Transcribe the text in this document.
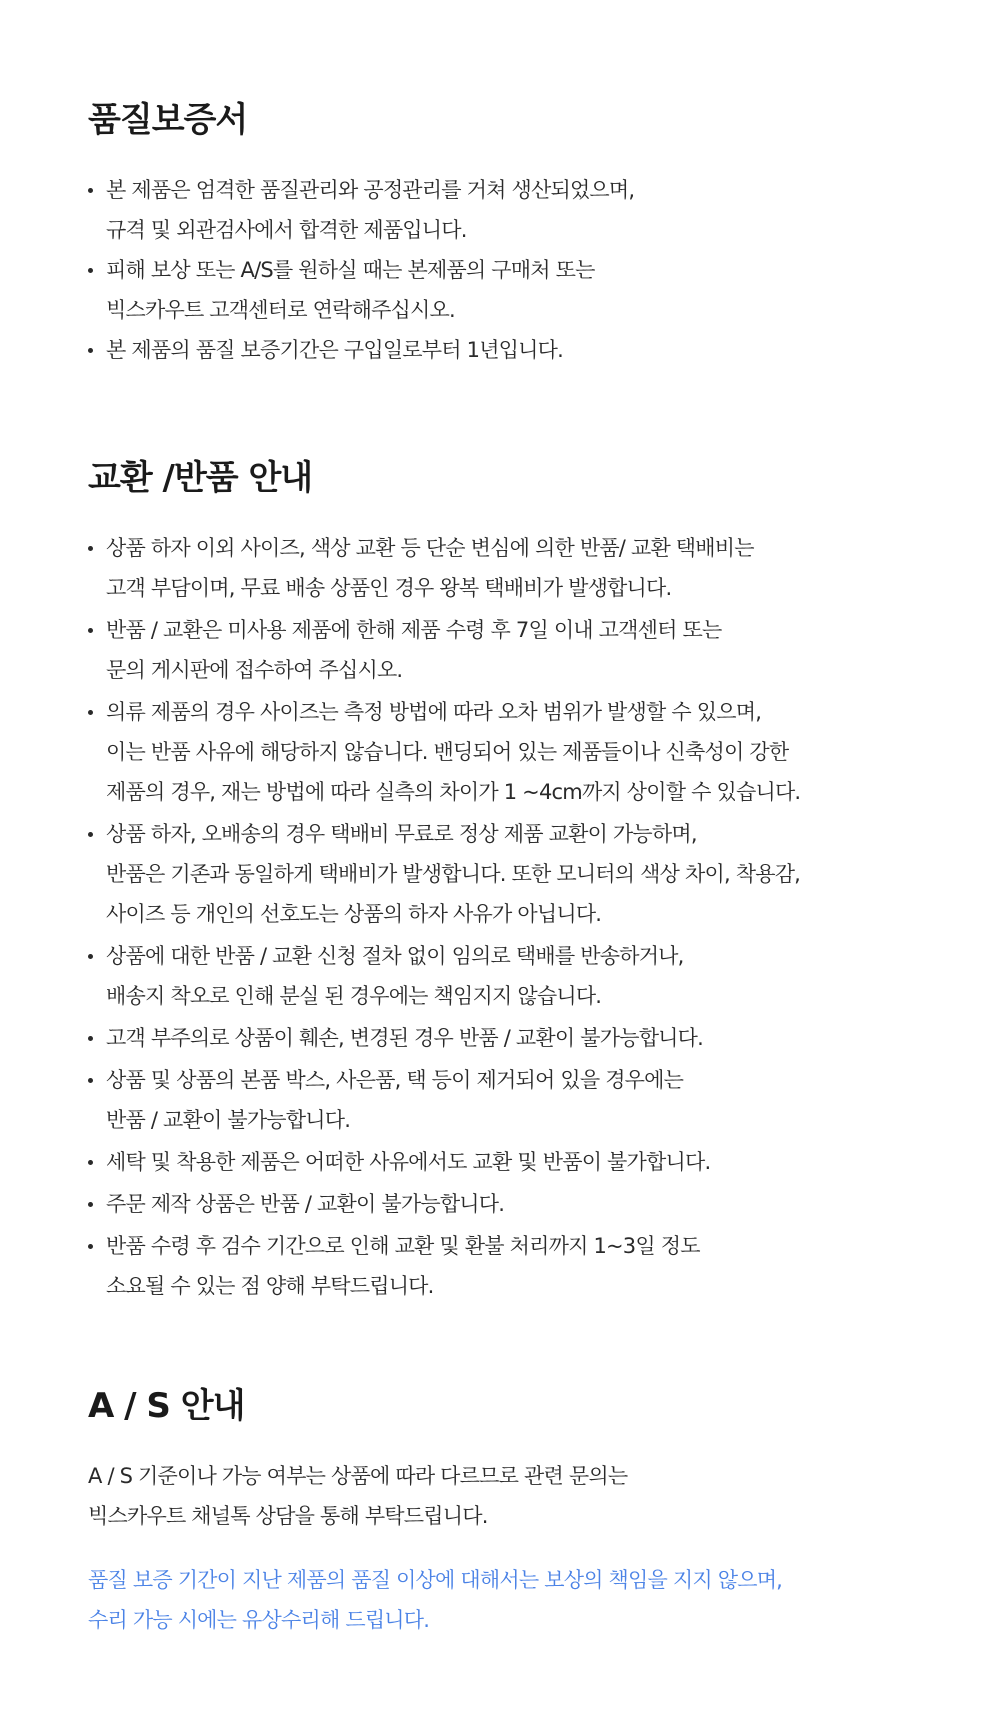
품질보증서
본 제품은 엄격한 품질관리와 공정관리를 거쳐 생산되었으며,
규격 및 외관검사에서 합격한 제품입니다.
피해 보상 또는 A/S를 원하실 때는 본제품의 구매처 또는
빅스카우트 고객센터로 연락해주십시오.
본 제품의 품질 보증기간은 구입일로부터 1년입니다.
교환 /반품 안내
상품 하자 이외 사이즈, 색상 교환 등 단순 변심에 의한 반품/ 교환 택배비는
고객 부담이며, 무료 배송 상품인 경우 왕복 택배비가 발생합니다.
반품 / 교환은 미사용 제품에 한해 제품 수령 후 7일 이내 고객센터 또는
문의 게시판에 접수하여 주십시오.
의류 제품의 경우 사이즈는 측정 방법에 따라 오차 범위가 발생할 수 있으며,
이는 반품 사유에 해당하지 않습니다. 밴딩되어 있는 제품들이나 신축성이 강한
제품의 경우, 재는 방법에 따라 실측의 차이가 1 ~4cm까지 상이할 수 있습니다.
상품 하자, 오배송의 경우 택배비 무료로 정상 제품 교환이 가능하며,
반품은 기존과 동일하게 택배비가 발생합니다. 또한 모니터의 색상 차이, 착용감,
사이즈 등 개인의 선호도는 상품의 하자 사유가 아닙니다.
상품에 대한 반품 / 교환 신청 절차 없이 임의로 택배를 반송하거나,
배송지 착오로 인해 분실 된 경우에는 책임지지 않습니다.
고객 부주의로 상품이 훼손, 변경된 경우 반품 / 교환이 불가능합니다.
상품 및 상품의 본품 박스, 사은품, 택 등이 제거되어 있을 경우에는
반품 / 교환이 불가능합니다.
세탁 및 착용한 제품은 어떠한 사유에서도 교환 및 반품이 불가합니다.
주문 제작 상품은 반품 / 교환이 불가능합니다.
반품 수령 후 검수 기간으로 인해 교환 및 환불 처리까지 1~3일 정도
소요될 수 있는 점 양해 부탁드립니다.
A / S 안내

A / S 기준이나 가능 여부는 상품에 따라 다르므로 관련 문의는
빅스카우트 채널톡 상담을 통해 부탁드립니다.

품질 보증 기간이 지난 제품의 품질 이상에 대해서는 보상의 책임을 지지 않으며,
수리 가능 시에는 유상수리해 드립니다.
